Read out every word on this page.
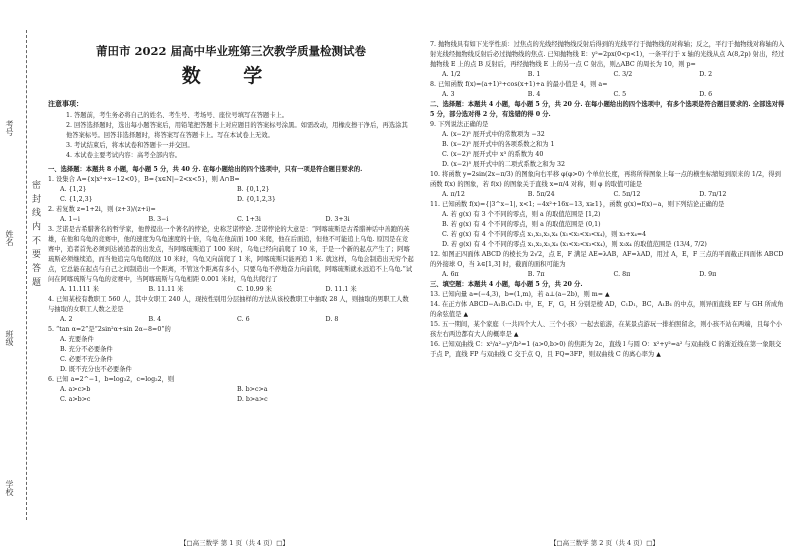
密 封 线 内 不 要 答 题
考号
姓名
班级
学校
莆田市 2022 届高中毕业班第三次教学质量检测试卷
数 学
注意事项：

1. 答题前，考生务必将自己的姓名、考生号、考场号、座位号填写在答题卡上。

2. 回答选择题时，选出每小题答案后，用铅笔把答题卡上对应题目的答案标号涂黑。如需改动，用橡皮擦干净后，再选涂其他答案标号。回答非选择题时，将答案写在答题卡上。写在本试卷上无效。

3. 考试结束后，将本试卷和答题卡一并交回。

4. 本试卷主要考试内容：高考全部内容。

一、选择题：本题共 8 小题，每小题 5 分，共 40 分. 在每小题给出的四个选项中，只有一项是符合题目要求的.

1. 设集合 A={x|x²+x−12<0}，B={x∈N|−2<x<5}，则 A∩B=

A. {1,2}	B. {0,1,2}
C. {1,2,3}	D. {0,1,2,3}

2. 若复数 z=1+2i，则 (z+3)/(z+i)=

A. 1−i	B. 3−i	C. 1+3i	D. 3+3i

3. 芝诺是古希腊著名的哲学家，他曾提出一个著名的悖论，史称芝诺悖论. 芝诺悖论的大意是：“阿喀琉斯是古希腊神话中善跑的英雄，在他和乌龟的竞赛中，他的速度为乌龟速度的十倍，乌龟在他前面 100 米爬，他在后面追，但他不可能追上乌龟. 原因是在竞赛中，追者首先必须到达被追者的出发点，当阿喀琉斯追了 100 米时，乌龟已经向前爬了 10 米，于是一个新的起点产生了；阿喀琉斯必须继续追，而当他追完乌龟爬的这 10 米时，乌龟又向前爬了 1 米，阿喀琉斯只能再追 1 米. 就这样，乌龟会制造出无穷个起点，它总能在起点与自己之间制造出一个距离，不管这个距离有多小，只要乌龟不停地奋力向前爬，阿喀琉斯就永远追不上乌龟.”试问在阿喀琉斯与乌龟的竞赛中，当阿喀琉斯与乌龟相距 0.001 米时，乌龟共爬行了

A. 11.111 米	B. 11.11 米	C. 10.99 米	D. 11.1 米

4. 已知某校有教职工 560 人，其中女职工 240 人，现按性别用分层抽样的方法从该校教职工中抽取 28 人，则抽取的男职工人数与抽取的女职工人数之差是

A. 2	B. 4	C. 6	D. 8

5. “tan α=2”是“2sin²α+sin 2α−8=0”的

A. 充要条件

B. 充分不必要条件

C. 必要不充分条件

D. 既不充分也不必要条件

6. 已知 a=2^−1，b=log₃2，c=log₂2，则

A. a>c>b	B. b>c>a
C. a>b>c	D. b>a>c

7. 抛物线具有如下光学性质：过焦点的光线经抛物线反射后得到的光线平行于抛物线的对称轴；反之，平行于抛物线对称轴的入射光线经抛物线反射后必过抛物线的焦点. 已知抛物线 E：y²=2px(0<p<1)，一条平行于 x 轴的光线从点 A(8,2p) 射出，经过抛物线 E 上的点 B 反射后，再经抛物线 E 上的另一点 C 射出，则△ABC 的周长为 10，则 p=

A. 1/2	B. 1	C. 3/2	D. 2

8. 已知函数 f(x)=(a+1)²+cos(x+1)+a 的最小值是 4，则 a=

A. 3	B. 4	C. 5	D. 6

二、选择题：本题共 4 小题，每小题 5 分，共 20 分. 在每小题给出的四个选项中，有多个选项是符合题目要求的. 全部选对得 5 分，部分选对得 2 分，有选错的得 0 分.

9. 下列说法正确的是

A. (x−2)⁵ 展开式中的常数项为 −32

B. (x−2)⁵ 展开式中的各项系数之和为 1

C. (x−2)⁵ 展开式中 x³ 的系数为 40

D. (x−2)⁵ 展开式中的二项式系数之和为 32

10. 将函数 y=2sin(2x−π/3) 的图象向右平移 φ(φ>0) 个单位长度，再将所得图象上每一点的横坐标缩短到原来的 1/2，得到函数 f(x) 的图象，若 f(x) 的图象关于直线 x=π/4 对称，则 φ 的取值可能是

A. π/12	B. 5π/24	C. 5π/12	D. 7π/12

11. 已知函数 f(x)={|3^x−1|, x<1; −4x²+16x−13, x≥1}，函数 g(x)=f(x)−a，则下列结论正确的是

A. 若 g(x) 有 3 个不同的零点，则 a 的取值范围是 [1,2)

B. 若 g(x) 有 4 个不同的零点，则 a 的取值范围是 (0,1)

C. 若 g(x) 有 4 个不同的零点 x₁,x₂,x₃,x₄ (x₁<x₂<x₃<x₄)，则 x₃+x₄=4

D. 若 g(x) 有 4 个不同的零点 x₁,x₂,x₃,x₄ (x₁<x₂<x₃<x₄)，则 x₃x₄ 的取值范围是 (13/4, 7/2)

12. 如图正四面体 ABCD 的棱长为 2√2，点 E，F 满足 AE=λAB，AF=λAD，用过 A，E，F 三点的平面截正四面体 ABCD 的外接球 O，当 λ∈[1,3] 时，截面的面积可能为

A. 6π	B. 7π	C. 8π	D. 9π

三、填空题：本题共 4 小题，每小题 5 分，共 20 分.

13. 已知向量 a=(−4,3)，b=(1,m)，若 a⊥(a−2b)，则 m= ▲

14. 在正方体 ABCD−A₁B₁C₁D₁ 中，E，F，G，H 分别是棱 AD，C₁D₁，BC，A₁B₁ 的中点，则异面直线 EF 与 GH 所成角的余弦值是 ▲

15. 五一期间，某个家庭（一共四个大人、三个小孩）一起去旅游，在某景点游玩一排拍照留念，则小孩不站在两端，且每个小孩左右两边都有大人的概率是 ▲

16. 已知双曲线 C：x²/a²−y²/b²=1 (a>0,b>0) 的焦距为 2c，直线 l 与圆 O：x²+y²=a² 与双曲线 C 的渐近线在第一象限交于点 P，直线 FP 与双曲线 C 交于点 Q，且 FQ=3FP，则双曲线 C 的离心率为 ▲

【□高三数学 第 1 页（共 4 页）□】	【□高三数学 第 2 页（共 4 页）□】
